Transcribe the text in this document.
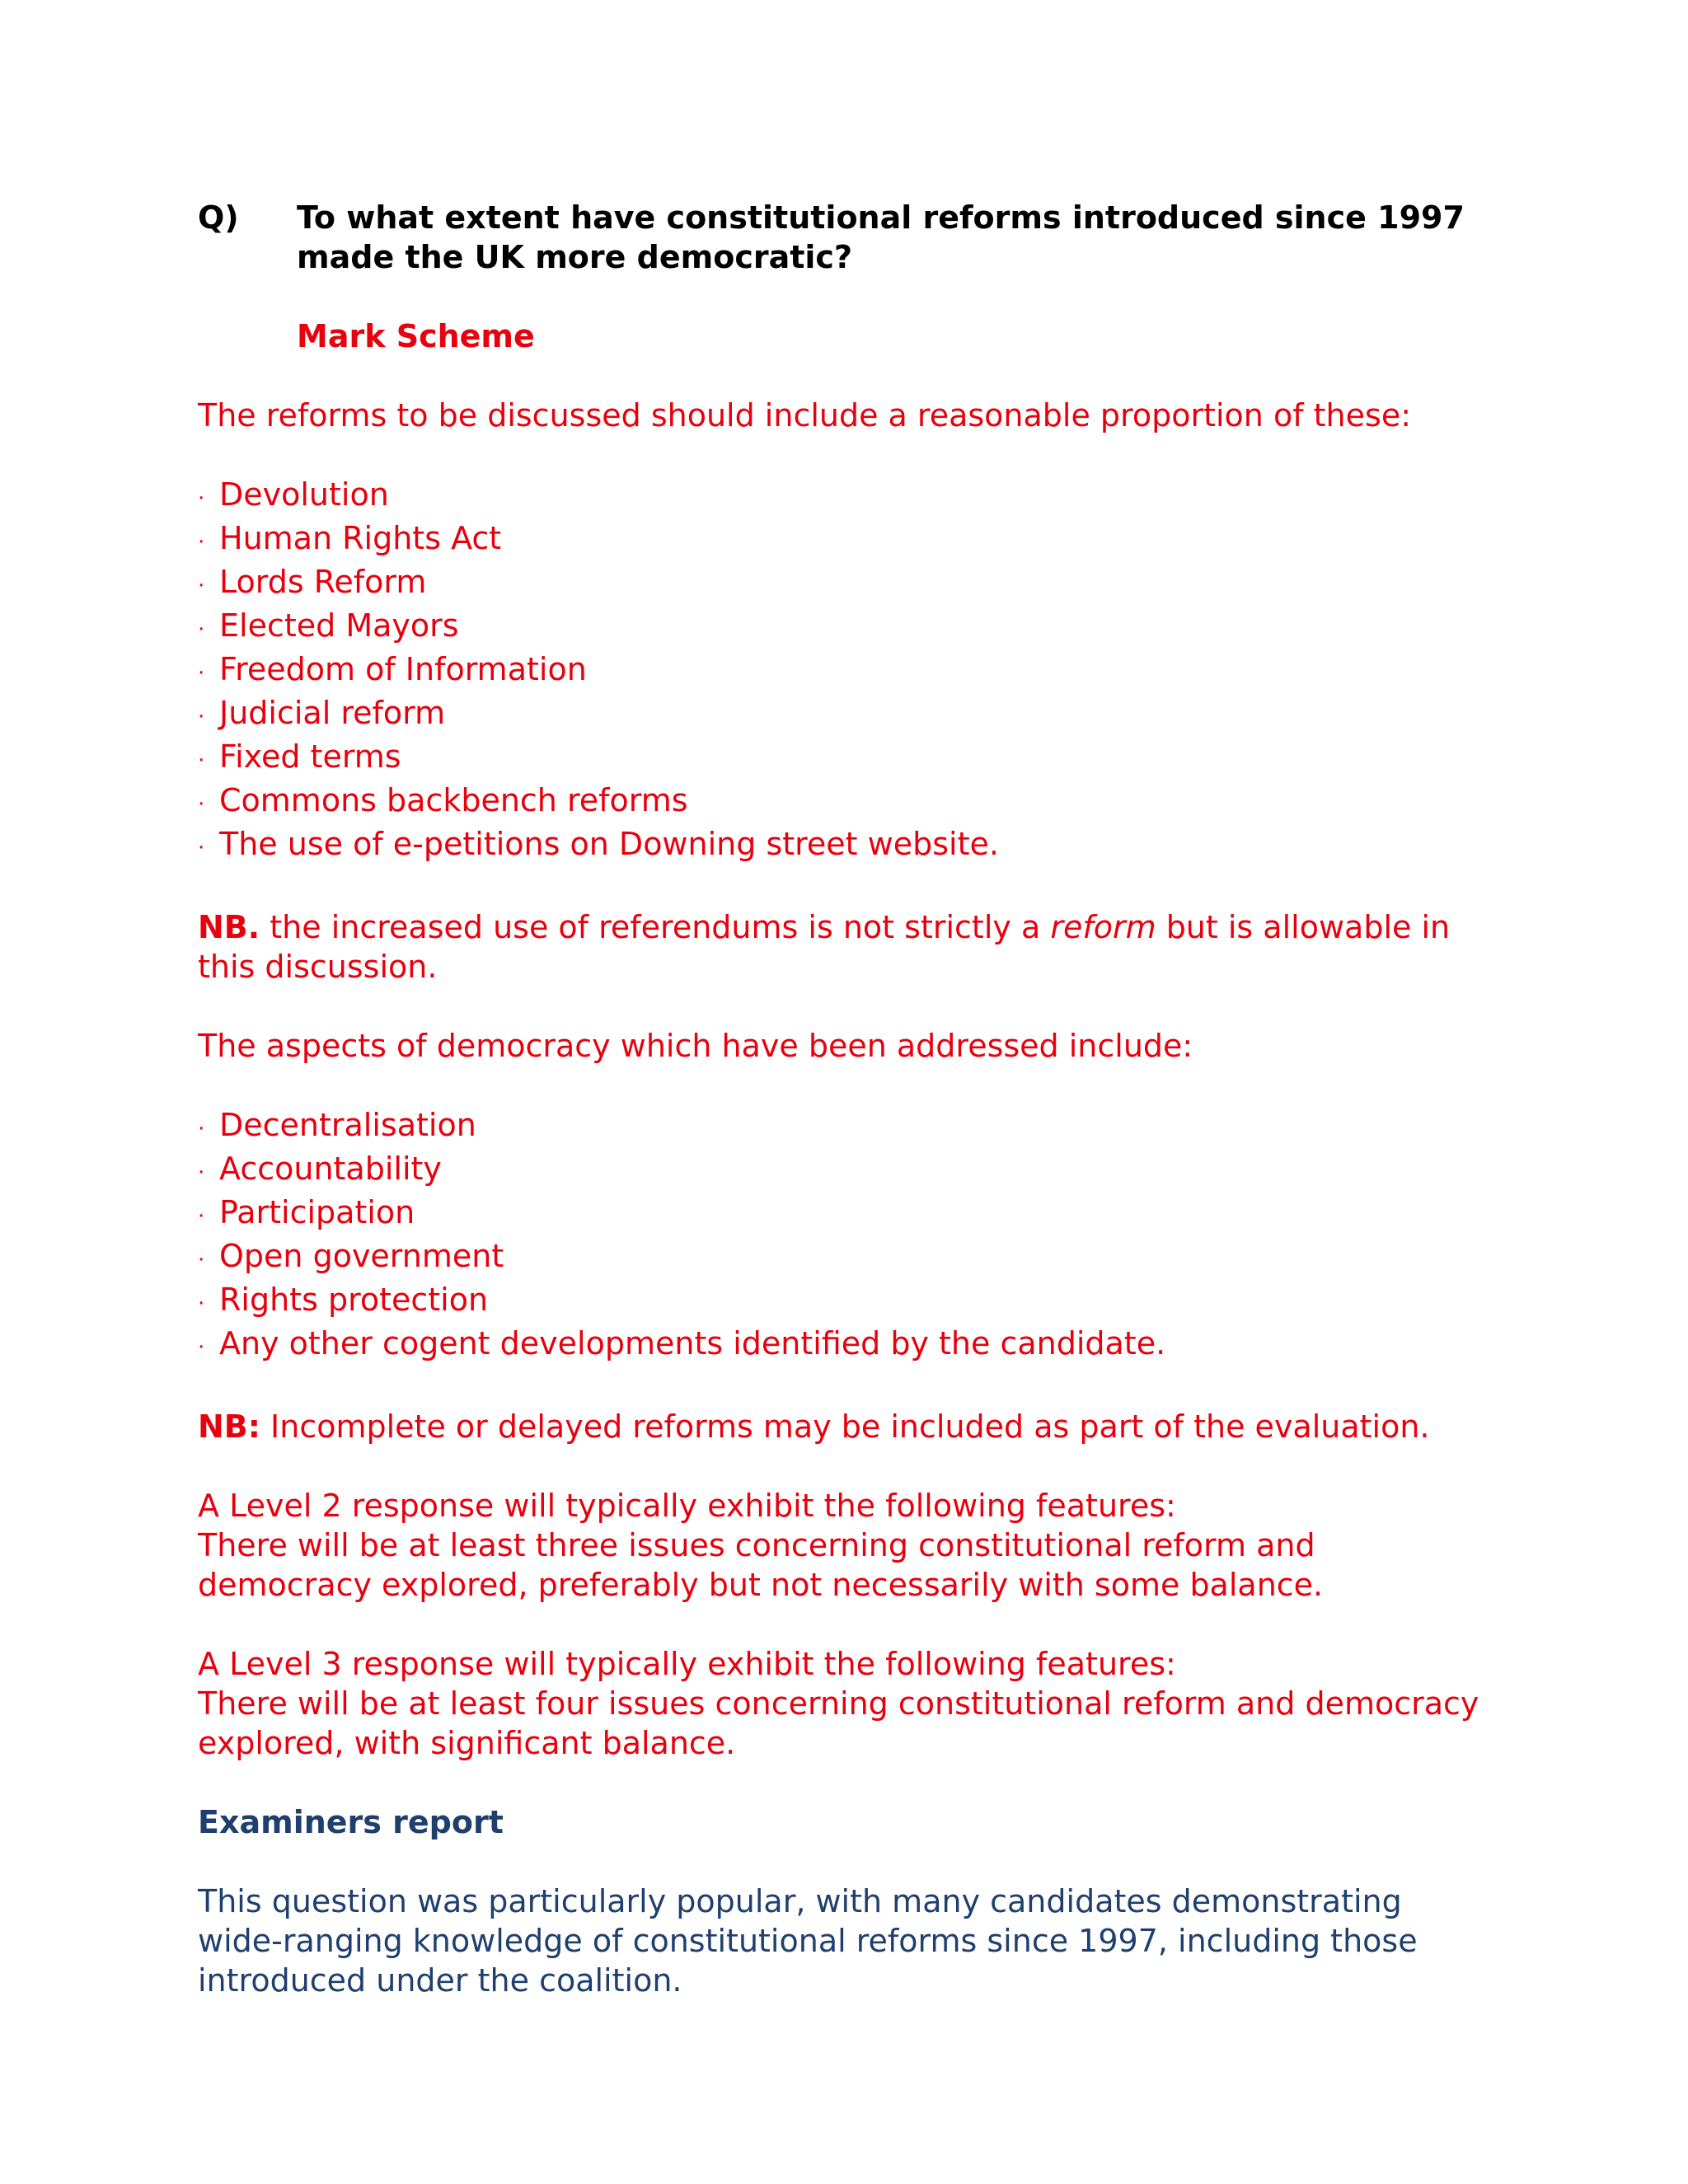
Q)	To what extent have constitutional reforms introduced since 1997 made the UK more democratic?
Mark Scheme
The reforms to be discussed should include a reasonable proportion of these:
· Devolution
· Human Rights Act
· Lords Reform
· Elected Mayors
· Freedom of Information
· Judicial reform
· Fixed terms
· Commons backbench reforms
· The use of e-petitions on Downing street website.
NB. the increased use of referendums is not strictly a reform but is allowable in this discussion.
The aspects of democracy which have been addressed include:
· Decentralisation
· Accountability
· Participation
· Open government
· Rights protection
· Any other cogent developments identified by the candidate.
NB: Incomplete or delayed reforms may be included as part of the evaluation.
A Level 2 response will typically exhibit the following features:
There will be at least three issues concerning constitutional reform and democracy explored, preferably but not necessarily with some balance.
A Level 3 response will typically exhibit the following features:
There will be at least four issues concerning constitutional reform and democracy explored, with significant balance.
Examiners report
This question was particularly popular, with many candidates demonstrating wide-ranging knowledge of constitutional reforms since 1997, including those introduced under the coalition.
